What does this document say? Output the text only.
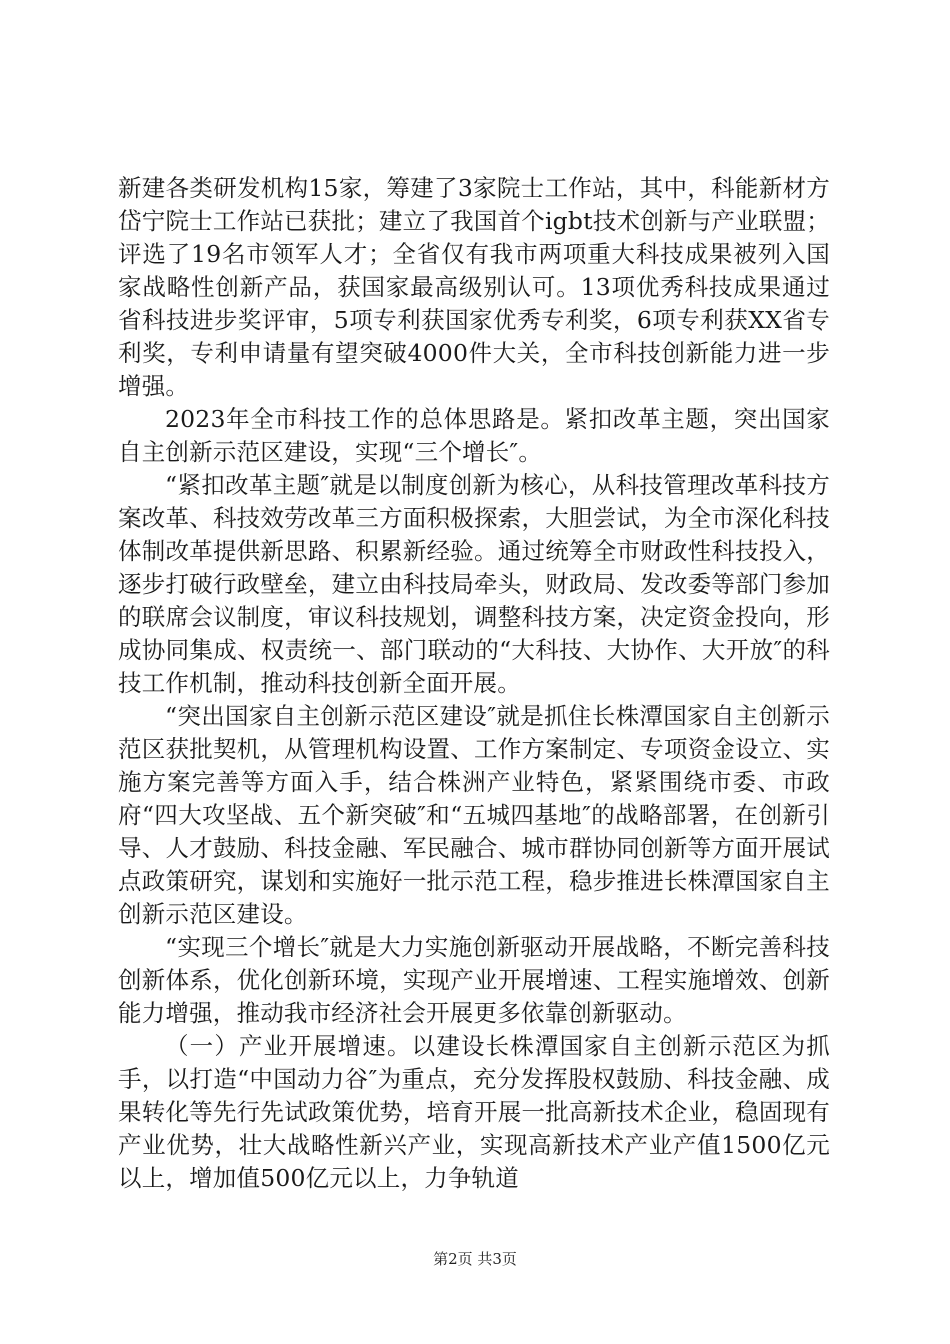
新建各类研发机构15家，筹建了3家院士工作站，其中，科能新材方岱宁院士工作站已获批；建立了我国首个igbt技术创新与产业联盟；评选了19名市领军人才；全省仅有我市两项重大科技成果被列入国家战略性创新产品，获国家最高级别认可。13项优秀科技成果通过省科技进步奖评审，5项专利获国家优秀专利奖，6项专利获XX省专利奖，专利申请量有望突破4000件大关，全市科技创新能力进一步增强。

2023年全市科技工作的总体思路是。紧扣改革主题，突出国家自主创新示范区建设，实现“三个增长″。

“紧扣改革主题″就是以制度创新为核心，从科技管理改革科技方案改革、科技效劳改革三方面积极探索，大胆尝试，为全市深化科技体制改革提供新思路、积累新经验。通过统筹全市财政性科技投入，逐步打破行政壁垒，建立由科技局牵头，财政局、发改委等部门参加的联席会议制度，审议科技规划，调整科技方案，决定资金投向，形成协同集成、权责统一、部门联动的“大科技、大协作、大开放″的科技工作机制，推动科技创新全面开展。

“突出国家自主创新示范区建设″就是抓住长株潭国家自主创新示范区获批契机，从管理机构设置、工作方案制定、专项资金设立、实施方案完善等方面入手，结合株洲产业特色，紧紧围绕市委、市政府“四大攻坚战、五个新突破″和“五城四基地″的战略部署，在创新引导、人才鼓励、科技金融、军民融合、城市群协同创新等方面开展试点政策研究，谋划和实施好一批示范工程，稳步推进长株潭国家自主创新示范区建设。

“实现三个增长″就是大力实施创新驱动开展战略，不断完善科技创新体系，优化创新环境，实现产业开展增速、工程实施增效、创新能力增强，推动我市经济社会开展更多依靠创新驱动。

（一）产业开展增速。以建设长株潭国家自主创新示范区为抓手，以打造“中国动力谷″为重点，充分发挥股权鼓励、科技金融、成果转化等先行先试政策优势，培育开展一批高新技术企业，稳固现有产业优势，壮大战略性新兴产业，实现高新技术产业产值1500亿元以上，增加值500亿元以上，力争轨道

第2页 共3页
